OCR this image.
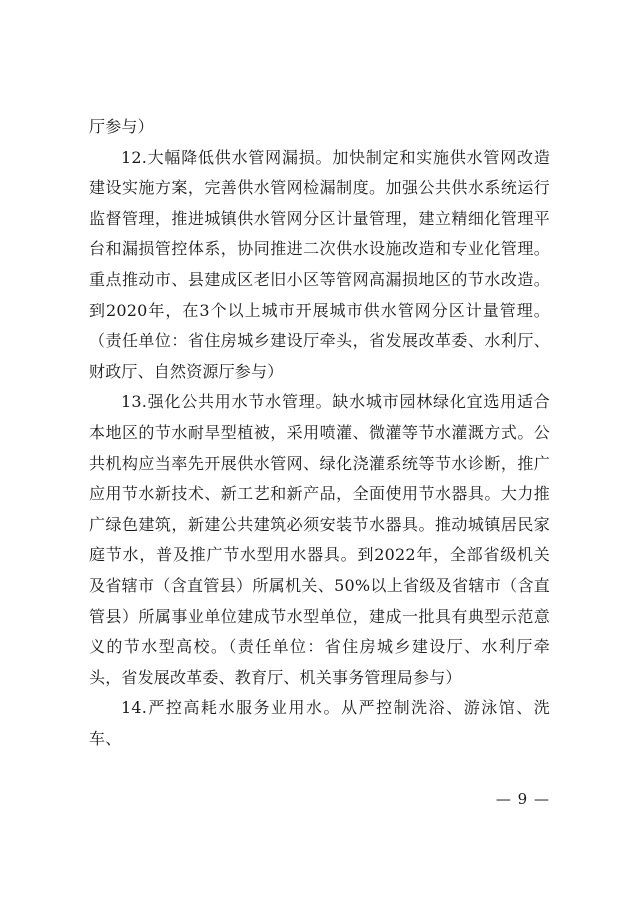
厅参与）

12.大幅降低供水管网漏损。加快制定和实施供水管网改造建设实施方案，完善供水管网检漏制度。加强公共供水系统运行监督管理，推进城镇供水管网分区计量管理，建立精细化管理平台和漏损管控体系，协同推进二次供水设施改造和专业化管理。重点推动市、县建成区老旧小区等管网高漏损地区的节水改造。到2020年，在3个以上城市开展城市供水管网分区计量管理。（责任单位：省住房城乡建设厅牵头，省发展改革委、水利厅、财政厅、自然资源厅参与）

13.强化公共用水节水管理。缺水城市园林绿化宜选用适合本地区的节水耐旱型植被，采用喷灌、微灌等节水灌溉方式。公共机构应当率先开展供水管网、绿化浇灌系统等节水诊断，推广应用节水新技术、新工艺和新产品，全面使用节水器具。大力推广绿色建筑，新建公共建筑必须安装节水器具。推动城镇居民家庭节水，普及推广节水型用水器具。到2022年，全部省级机关及省辖市（含直管县）所属机关、50%以上省级及省辖市（含直管县）所属事业单位建成节水型单位，建成一批具有典型示范意义的节水型高校。（责任单位：省住房城乡建设厅、水利厅牵头，省发展改革委、教育厅、机关事务管理局参与）

14.严控高耗水服务业用水。从严控制洗浴、游泳馆、洗车、

— 9 —
